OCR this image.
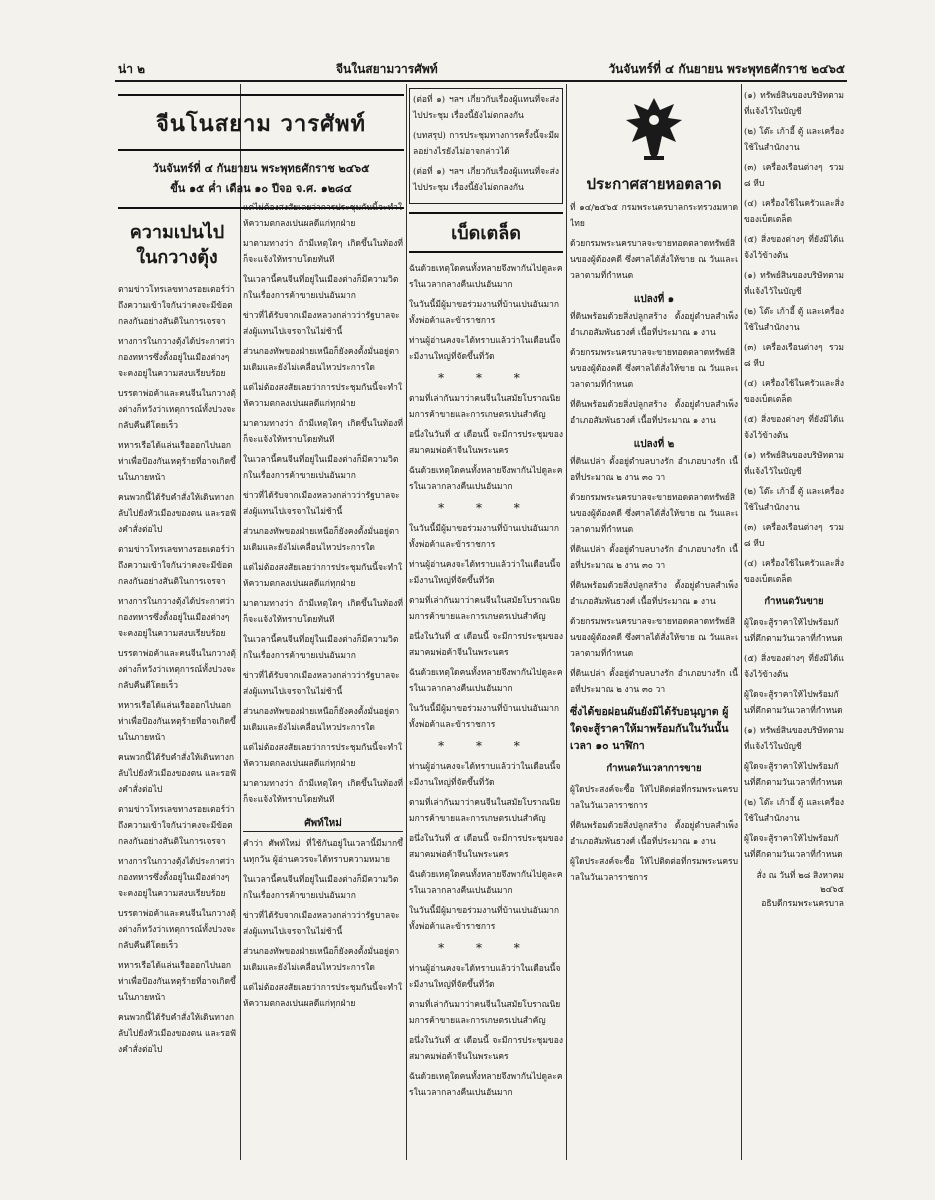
น่า ๒	จีนในสยามวารศัพท์	วันจันทร์ที่ ๔ กันยายน พระพุทธศักราช ๒๔๖๕
จีนโนสยาม วารศัพท์
วันจันทร์ที่ ๔ กันยายน พระพุทธศักราช ๒๔๖๕
ขึ้น ๑๕ ค่ำ เดือน ๑๐ ปีจอ จ.ศ. ๑๒๘๔
ความเปนไป
ในกวางตุ้ง

ตามข่าวโทรเลขทางรอยเตอร์ว่า ถึงความเข้าใจกันว่าคงจะมีข้อตกลงกันอย่างสันติในการเจรจา

ทางการในกวางตุ้งได้ประกาศว่ากองทหารซึ่งตั้งอยู่ในเมืองต่างๆ จะคงอยู่ในความสงบเรียบร้อย

บรรดาพ่อค้าและคนจีนในกวางตุ้งต่างก็หวังว่าเหตุการณ์ทั้งปวงจะกลับคืนดีโดยเร็ว

ทหารเรือได้แล่นเรือออกไปนอกท่าเพื่อป้องกันเหตุร้ายที่อาจเกิดขึ้นในภายหน้า

คนพวกนี้ได้รับคำสั่งให้เดินทางกลับไปยังหัวเมืองของตน และรอฟังคำสั่งต่อไป

ตามข่าวโทรเลขทางรอยเตอร์ว่า ถึงความเข้าใจกันว่าคงจะมีข้อตกลงกันอย่างสันติในการเจรจา

ทางการในกวางตุ้งได้ประกาศว่ากองทหารซึ่งตั้งอยู่ในเมืองต่างๆ จะคงอยู่ในความสงบเรียบร้อย

บรรดาพ่อค้าและคนจีนในกวางตุ้งต่างก็หวังว่าเหตุการณ์ทั้งปวงจะกลับคืนดีโดยเร็ว

ทหารเรือได้แล่นเรือออกไปนอกท่าเพื่อป้องกันเหตุร้ายที่อาจเกิดขึ้นในภายหน้า

คนพวกนี้ได้รับคำสั่งให้เดินทางกลับไปยังหัวเมืองของตน และรอฟังคำสั่งต่อไป

ตามข่าวโทรเลขทางรอยเตอร์ว่า ถึงความเข้าใจกันว่าคงจะมีข้อตกลงกันอย่างสันติในการเจรจา

ทางการในกวางตุ้งได้ประกาศว่ากองทหารซึ่งตั้งอยู่ในเมืองต่างๆ จะคงอยู่ในความสงบเรียบร้อย

บรรดาพ่อค้าและคนจีนในกวางตุ้งต่างก็หวังว่าเหตุการณ์ทั้งปวงจะกลับคืนดีโดยเร็ว

ทหารเรือได้แล่นเรือออกไปนอกท่าเพื่อป้องกันเหตุร้ายที่อาจเกิดขึ้นในภายหน้า

คนพวกนี้ได้รับคำสั่งให้เดินทางกลับไปยังหัวเมืองของตน และรอฟังคำสั่งต่อไป

แต่ไม่ต้องสงสัยเลยว่าการประชุมกันนี้จะทำให้ความตกลงเปนผลดีแก่ทุกฝ่าย

มาตามทางว่า ถ้ามีเหตุใดๆ เกิดขึ้นในท้องที่ ก็จะแจ้งให้ทราบโดยทันที

ในเวลานี้คนจีนที่อยู่ในเมืองต่างก็มีความวิตกในเรื่องการค้าขายเปนอันมาก

ข่าวที่ได้รับจากเมืองหลวงกล่าวว่ารัฐบาลจะส่งผู้แทนไปเจรจาในไม่ช้านี้

ส่วนกองทัพของฝ่ายเหนือก็ยังคงตั้งมั่นอยู่ตามเดิมและยังไม่เคลื่อนไหวประการใด

แต่ไม่ต้องสงสัยเลยว่าการประชุมกันนี้จะทำให้ความตกลงเปนผลดีแก่ทุกฝ่าย

มาตามทางว่า ถ้ามีเหตุใดๆ เกิดขึ้นในท้องที่ ก็จะแจ้งให้ทราบโดยทันที

ในเวลานี้คนจีนที่อยู่ในเมืองต่างก็มีความวิตกในเรื่องการค้าขายเปนอันมาก

ข่าวที่ได้รับจากเมืองหลวงกล่าวว่ารัฐบาลจะส่งผู้แทนไปเจรจาในไม่ช้านี้

ส่วนกองทัพของฝ่ายเหนือก็ยังคงตั้งมั่นอยู่ตามเดิมและยังไม่เคลื่อนไหวประการใด

แต่ไม่ต้องสงสัยเลยว่าการประชุมกันนี้จะทำให้ความตกลงเปนผลดีแก่ทุกฝ่าย

มาตามทางว่า ถ้ามีเหตุใดๆ เกิดขึ้นในท้องที่ ก็จะแจ้งให้ทราบโดยทันที

ในเวลานี้คนจีนที่อยู่ในเมืองต่างก็มีความวิตกในเรื่องการค้าขายเปนอันมาก

ข่าวที่ได้รับจากเมืองหลวงกล่าวว่ารัฐบาลจะส่งผู้แทนไปเจรจาในไม่ช้านี้

ส่วนกองทัพของฝ่ายเหนือก็ยังคงตั้งมั่นอยู่ตามเดิมและยังไม่เคลื่อนไหวประการใด

แต่ไม่ต้องสงสัยเลยว่าการประชุมกันนี้จะทำให้ความตกลงเปนผลดีแก่ทุกฝ่าย

มาตามทางว่า ถ้ามีเหตุใดๆ เกิดขึ้นในท้องที่ ก็จะแจ้งให้ทราบโดยทันที

ศัพท์ใหม่

คำว่า ศัพท์ใหม่ ที่ใช้กันอยู่ในเวลานี้มีมากขึ้นทุกวัน ผู้อ่านควรจะได้ทราบความหมาย

ในเวลานี้คนจีนที่อยู่ในเมืองต่างก็มีความวิตกในเรื่องการค้าขายเปนอันมาก

ข่าวที่ได้รับจากเมืองหลวงกล่าวว่ารัฐบาลจะส่งผู้แทนไปเจรจาในไม่ช้านี้

ส่วนกองทัพของฝ่ายเหนือก็ยังคงตั้งมั่นอยู่ตามเดิมและยังไม่เคลื่อนไหวประการใด

แต่ไม่ต้องสงสัยเลยว่าการประชุมกันนี้จะทำให้ความตกลงเปนผลดีแก่ทุกฝ่าย

(ต่อที่ ๑) ฯลฯ เกี่ยวกับเรื่องผู้แทนที่จะส่งไปประชุม เรื่องนี้ยังไม่ตกลงกัน

(บทสรุป) การประชุมทางการครั้งนี้จะมีผลอย่างไรยังไม่อาจกล่าวได้

(ต่อที่ ๑) ฯลฯ เกี่ยวกับเรื่องผู้แทนที่จะส่งไปประชุม เรื่องนี้ยังไม่ตกลงกัน

เบ็ดเตล็ด

ฉันด้วยเหตุใดคนทั้งหลายจึงพากันไปดูละครในเวลากลางคืนเปนอันมาก

ในวันนี้มีผู้มาขอร่วมงานที่บ้านเปนอันมาก ทั้งพ่อค้าและข้าราชการ

ท่านผู้อ่านคงจะได้ทราบแล้วว่าในเดือนนี้จะมีงานใหญ่ที่จัดขึ้นที่วัด

* * *

ตามที่เล่ากันมาว่าคนจีนในสมัยโบราณนิยมการค้าขายและการเกษตรเปนสำคัญ

อนึ่งในวันที่ ๕ เดือนนี้ จะมีการประชุมของสมาคมพ่อค้าจีนในพระนคร

ฉันด้วยเหตุใดคนทั้งหลายจึงพากันไปดูละครในเวลากลางคืนเปนอันมาก

* * *

ในวันนี้มีผู้มาขอร่วมงานที่บ้านเปนอันมาก ทั้งพ่อค้าและข้าราชการ

ท่านผู้อ่านคงจะได้ทราบแล้วว่าในเดือนนี้จะมีงานใหญ่ที่จัดขึ้นที่วัด

ตามที่เล่ากันมาว่าคนจีนในสมัยโบราณนิยมการค้าขายและการเกษตรเปนสำคัญ

อนึ่งในวันที่ ๕ เดือนนี้ จะมีการประชุมของสมาคมพ่อค้าจีนในพระนคร

ฉันด้วยเหตุใดคนทั้งหลายจึงพากันไปดูละครในเวลากลางคืนเปนอันมาก

ในวันนี้มีผู้มาขอร่วมงานที่บ้านเปนอันมาก ทั้งพ่อค้าและข้าราชการ

* * *

ท่านผู้อ่านคงจะได้ทราบแล้วว่าในเดือนนี้จะมีงานใหญ่ที่จัดขึ้นที่วัด

ตามที่เล่ากันมาว่าคนจีนในสมัยโบราณนิยมการค้าขายและการเกษตรเปนสำคัญ

อนึ่งในวันที่ ๕ เดือนนี้ จะมีการประชุมของสมาคมพ่อค้าจีนในพระนคร

ฉันด้วยเหตุใดคนทั้งหลายจึงพากันไปดูละครในเวลากลางคืนเปนอันมาก

ในวันนี้มีผู้มาขอร่วมงานที่บ้านเปนอันมาก ทั้งพ่อค้าและข้าราชการ

* * *

ท่านผู้อ่านคงจะได้ทราบแล้วว่าในเดือนนี้จะมีงานใหญ่ที่จัดขึ้นที่วัด

ตามที่เล่ากันมาว่าคนจีนในสมัยโบราณนิยมการค้าขายและการเกษตรเปนสำคัญ

อนึ่งในวันที่ ๕ เดือนนี้ จะมีการประชุมของสมาคมพ่อค้าจีนในพระนคร

ฉันด้วยเหตุใดคนทั้งหลายจึงพากันไปดูละครในเวลากลางคืนเปนอันมาก

ประกาศสายหอตลาด

ที่ ๑๔/๒๕๖๕ กรมพระนครบาลกระทรวงมหาดไทย

ด้วยกรมพระนครบาลจะขายทอดตลาดทรัพย์สินของผู้ต้องคดี ซึ่งศาลได้สั่งให้ขาย ณ วันและเวลาตามที่กำหนด

แปลงที่ ๑

ที่ดินพร้อมด้วยสิ่งปลูกสร้าง ตั้งอยู่ตำบลสำเพ็ง อำเภอสัมพันธวงศ์ เนื้อที่ประมาณ ๑ งาน

ด้วยกรมพระนครบาลจะขายทอดตลาดทรัพย์สินของผู้ต้องคดี ซึ่งศาลได้สั่งให้ขาย ณ วันและเวลาตามที่กำหนด

ที่ดินพร้อมด้วยสิ่งปลูกสร้าง ตั้งอยู่ตำบลสำเพ็ง อำเภอสัมพันธวงศ์ เนื้อที่ประมาณ ๑ งาน

แปลงที่ ๒

ที่ดินเปล่า ตั้งอยู่ตำบลบางรัก อำเภอบางรัก เนื้อที่ประมาณ ๒ งาน ๓๐ วา

ด้วยกรมพระนครบาลจะขายทอดตลาดทรัพย์สินของผู้ต้องคดี ซึ่งศาลได้สั่งให้ขาย ณ วันและเวลาตามที่กำหนด

ที่ดินเปล่า ตั้งอยู่ตำบลบางรัก อำเภอบางรัก เนื้อที่ประมาณ ๒ งาน ๓๐ วา

ที่ดินพร้อมด้วยสิ่งปลูกสร้าง ตั้งอยู่ตำบลสำเพ็ง อำเภอสัมพันธวงศ์ เนื้อที่ประมาณ ๑ งาน

ด้วยกรมพระนครบาลจะขายทอดตลาดทรัพย์สินของผู้ต้องคดี ซึ่งศาลได้สั่งให้ขาย ณ วันและเวลาตามที่กำหนด

ที่ดินเปล่า ตั้งอยู่ตำบลบางรัก อำเภอบางรัก เนื้อที่ประมาณ ๒ งาน ๓๐ วา

ซึ่งได้ขอผ่อนผันยังมิได้รับอนุญาต ผู้ใดจะสู้ราคาให้มาพร้อมกันในวันนั้นเวลา ๑๐ นาฬิกา
กำหนดวันเวลาการขาย

ผู้ใดประสงค์จะซื้อ ให้ไปติดต่อที่กรมพระนครบาลในวันเวลาราชการ

ที่ดินพร้อมด้วยสิ่งปลูกสร้าง ตั้งอยู่ตำบลสำเพ็ง อำเภอสัมพันธวงศ์ เนื้อที่ประมาณ ๑ งาน

ผู้ใดประสงค์จะซื้อ ให้ไปติดต่อที่กรมพระนครบาลในวันเวลาราชการ

(๑) ทรัพย์สินของบริษัทตามที่แจ้งไว้ในบัญชี

(๒) โต๊ะ เก้าอี้ ตู้ และเครื่องใช้ในสำนักงาน

(๓) เครื่องเรือนต่างๆ รวม ๘ หีบ

(๔) เครื่องใช้ในครัวและสิ่งของเบ็ดเตล็ด

(๕) สิ่งของต่างๆ ที่ยังมิได้แจ้งไว้ข้างต้น

(๑) ทรัพย์สินของบริษัทตามที่แจ้งไว้ในบัญชี

(๒) โต๊ะ เก้าอี้ ตู้ และเครื่องใช้ในสำนักงาน

(๓) เครื่องเรือนต่างๆ รวม ๘ หีบ

(๔) เครื่องใช้ในครัวและสิ่งของเบ็ดเตล็ด

(๕) สิ่งของต่างๆ ที่ยังมิได้แจ้งไว้ข้างต้น

(๑) ทรัพย์สินของบริษัทตามที่แจ้งไว้ในบัญชี

(๒) โต๊ะ เก้าอี้ ตู้ และเครื่องใช้ในสำนักงาน

(๓) เครื่องเรือนต่างๆ รวม ๘ หีบ

(๔) เครื่องใช้ในครัวและสิ่งของเบ็ดเตล็ด

กำหนดวันขาย

ผู้ใดจะสู้ราคาให้ไปพร้อมกันที่ตึกตามวันเวลาที่กำหนด

(๕) สิ่งของต่างๆ ที่ยังมิได้แจ้งไว้ข้างต้น

ผู้ใดจะสู้ราคาให้ไปพร้อมกันที่ตึกตามวันเวลาที่กำหนด

(๑) ทรัพย์สินของบริษัทตามที่แจ้งไว้ในบัญชี

ผู้ใดจะสู้ราคาให้ไปพร้อมกันที่ตึกตามวันเวลาที่กำหนด

(๒) โต๊ะ เก้าอี้ ตู้ และเครื่องใช้ในสำนักงาน

ผู้ใดจะสู้ราคาให้ไปพร้อมกันที่ตึกตามวันเวลาที่กำหนด

สั่ง ณ วันที่ ๒๘ สิงหาคม ๒๔๖๕
อธิบดีกรมพระนครบาล
